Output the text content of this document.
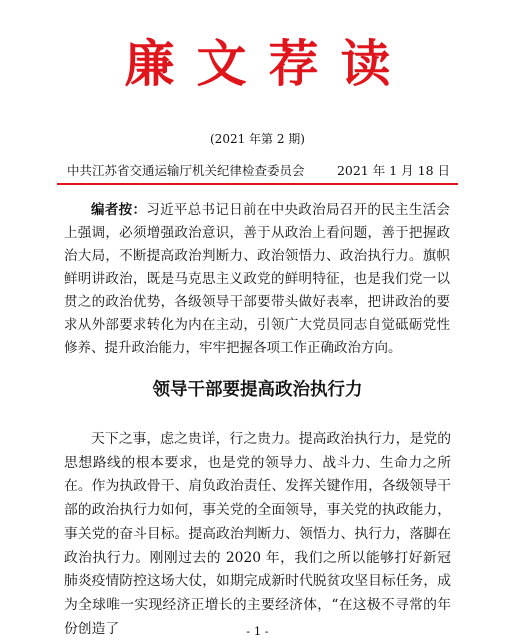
廉文荐读
(2021 年第 2 期)
中共江苏省交通运输厅机关纪律检查委员会	2021 年 1 月 18 日
编者按：习近平总书记日前在中央政治局召开的民主生活会上强调，必须增强政治意识，善于从政治上看问题，善于把握政治大局，不断提高政治判断力、政治领悟力、政治执行力。旗帜鲜明讲政治，既是马克思主义政党的鲜明特征，也是我们党一以贯之的政治优势，各级领导干部要带头做好表率，把讲政治的要求从外部要求转化为内在主动，引领广大党员同志自觉砥砺党性修养、提升政治能力，牢牢把握各项工作正确政治方向。
领导干部要提高政治执行力
天下之事，虑之贵详，行之贵力。提高政治执行力，是党的思想路线的根本要求，也是党的领导力、战斗力、生命力之所在。作为执政骨干、肩负政治责任、发挥关键作用，各级领导干部的政治执行力如何，事关党的全面领导，事关党的执政能力，事关党的奋斗目标。提高政治判断力、领悟力、执行力，落脚在政治执行力。刚刚过去的 2020 年，我们之所以能够打好新冠肺炎疫情防控这场大仗，如期完成新时代脱贫攻坚目标任务，成为全球唯一实现经济正增长的主要经济体，“在这极不寻常的年份创造了	- 1 -
